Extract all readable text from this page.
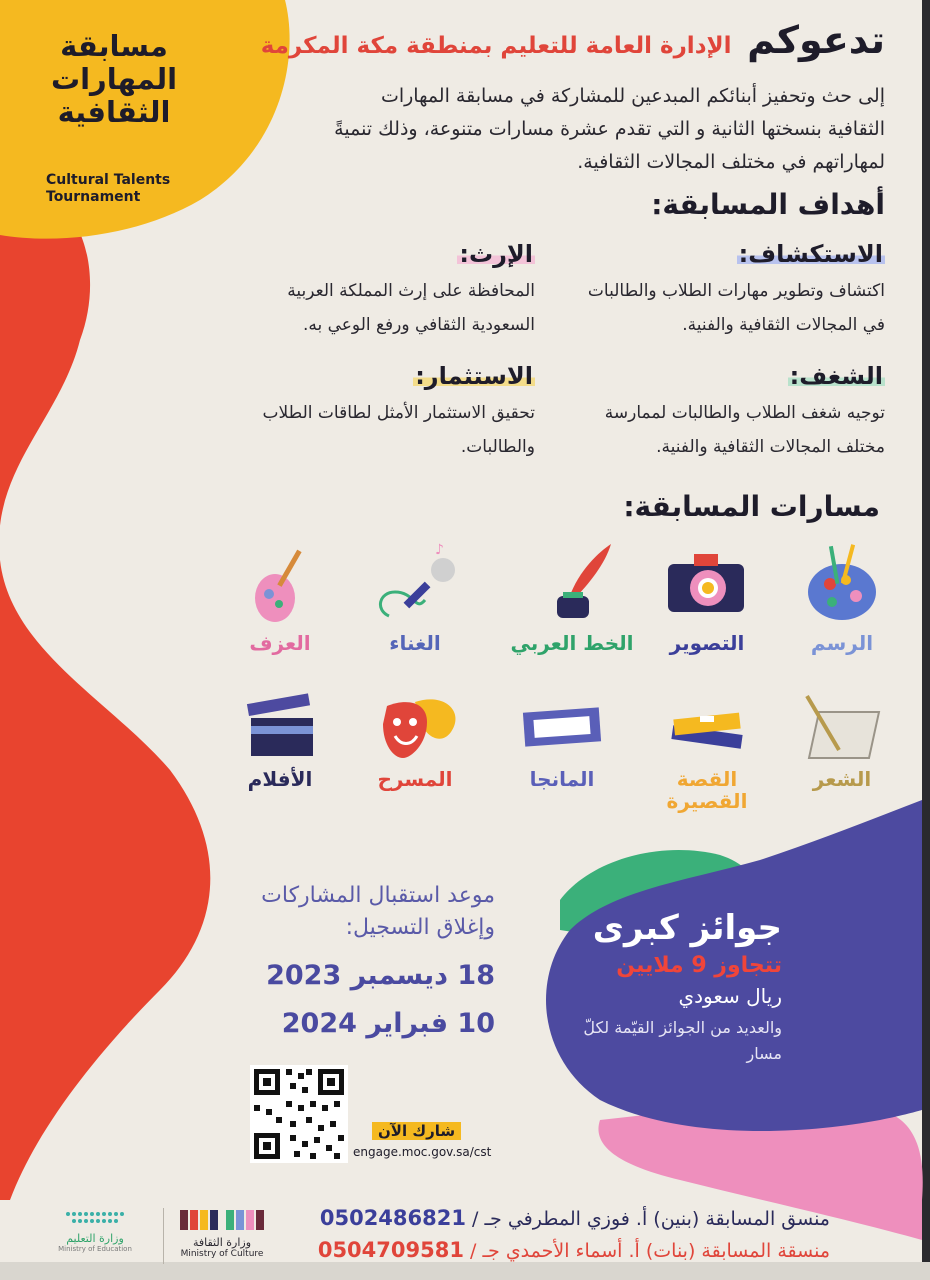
مسابقة
المهارات
الثقافية
Cultural Talents
Tournament
تدعوكم الإدارة العامة للتعليم بمنطقة مكة المكرمة
إلى حث وتحفيز أبنائكم المبدعين للمشاركة في مسابقة المهارات الثقافية بنسختها الثانية و التي تقدم عشرة مسارات متنوعة، وذلك تنميةً لمهاراتهم في مختلف المجالات الثقافية.
أهداف المسابقة:
الاستكشاف:
اكتشاف وتطوير مهارات الطلاب والطالبات في المجالات الثقافية والفنية.
الإرث:
المحافظة على إرث المملكة العربية السعودية الثقافي ورفع الوعي به.
الشغف:
توجيه شغف الطلاب والطالبات لممارسة مختلف المجالات الثقافية والفنية.
الاستثمار:
تحقيق الاستثمار الأمثل لطاقات الطلاب والطالبات.
مسارات المسابقة:
الرسم
التصوير
الخط العربي
♪
الغناء
العزف
الشعر
القصة القصيرة
المانجا
المسرح
الأفلام
موعد استقبال المشاركات وإغلاق التسجيل:
18 ديسمبر 2023
10 فبراير 2024
جوائز كبرى
تتجاوز 9 ملايين
ريال سعودي
والعديد من الجوائز القيّمة لكلّ مسار
شارك الآن
engage.moc.gov.sa/cst
منسق المسابقة (بنين) أ. فوزي المطرفي جـ / 0502486821
منسقة المسابقة (بنات) أ. أسماء الأحمدي جـ / 0504709581
وزارة الثقافة
Ministry of Culture
وزارة التعليم
Ministry of Education
